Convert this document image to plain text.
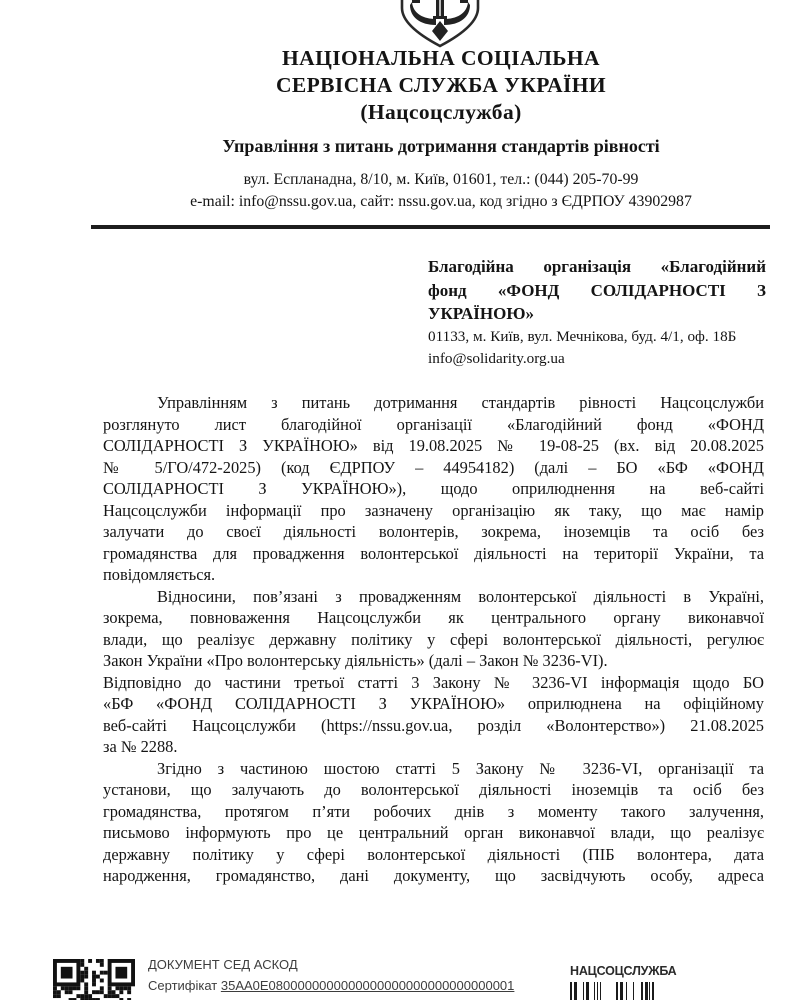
НАЦІОНАЛЬНА СОЦІАЛЬНА
СЕРВІСНА СЛУЖБА УКРАЇНИ
(Нацсоцслужба)
Управління з питань дотримання стандартів рівності
вул. Еспланадна, 8/10, м. Київ, 01601, тел.: (044) 205-70-99
e-mail: info@nssu.gov.ua, сайт: nssu.gov.ua, код згідно з ЄДРПОУ 43902987
Благодійна організація «Благодійний
фонд «ФОНД СОЛІДАРНОСТІ З
УКРАЇНОЮ»
01133, м. Київ, вул. Мечнікова, буд. 4/1, оф. 18Б
info@solidarity.org.ua
Управлінням з питань дотримання стандартів рівності Нацсоцслужби
розглянуто лист благодійної організації «Благодійний фонд «ФОНД
СОЛІДАРНОСТІ З УКРАЇНОЮ» від 19.08.2025 № 19-08-25 (вх. від 20.08.2025
№ 5/ГО/472-2025) (код ЄДРПОУ – 44954182) (далі – БО «БФ «ФОНД
СОЛІДАРНОСТІ З УКРАЇНОЮ»), щодо оприлюднення на веб-сайті
Нацсоцслужби інформації про зазначену організацію як таку, що має намір
залучати до своєї діяльності волонтерів, зокрема, іноземців та осіб без
громадянства для провадження волонтерської діяльності на території України, та
повідомляється.
Відносини, пов’язані з провадженням волонтерської діяльності в Україні,
зокрема, повноваження Нацсоцслужби як центрального органу виконавчої
влади, що реалізує державну політику у сфері волонтерської діяльності, регулює
Закон України «Про волонтерську діяльність» (далі – Закон № 3236-VI).
Відповідно до частини третьої статті 3 Закону № 3236-VI інформація щодо БО
«БФ «ФОНД СОЛІДАРНОСТІ З УКРАЇНОЮ» оприлюднена на офіційному
веб-сайті Нацсоцслужби (https://nssu.gov.ua, розділ «Волонтерство») 21.08.2025
за № 2288.
Згідно з частиною шостою статті 5 Закону № 3236-VI, організації та
установи, що залучають до волонтерської діяльності іноземців та осіб без
громадянства, протягом п’яти робочих днів з моменту такого залучення,
письмово інформують про це центральний орган виконавчої влади, що реалізує
державну політику у сфері волонтерської діяльності (ПІБ волонтера, дата
народження, громадянство, дані документу, що засвідчують особу, адреса
ДОКУМЕНТ СЕД АСКОД
Сертифікат 35AA0E0800000000000000000000000000000001
НАЦСОЦСЛУЖБА
